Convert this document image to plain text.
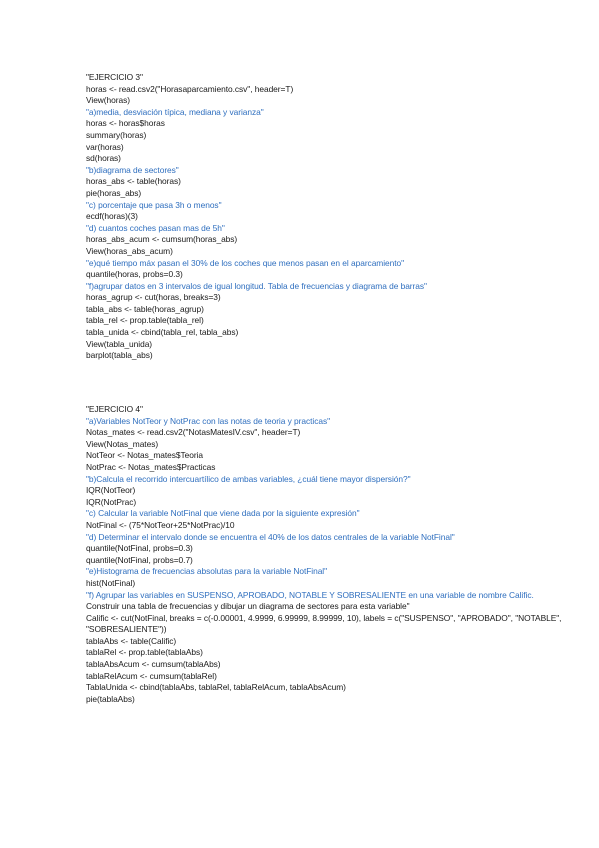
"EJERCICIO 3"
horas <- read.csv2("Horasaparcamiento.csv", header=T)
View(horas)
"a)media, desviación típica, mediana y varianza"
horas <- horas$horas
summary(horas)
var(horas)
sd(horas)
"b)diagrama de sectores"
horas_abs <- table(horas)
pie(horas_abs)
"c) porcentaje que pasa 3h o menos"
ecdf(horas)(3)
"d) cuantos coches pasan mas de 5h"
horas_abs_acum <- cumsum(horas_abs)
View(horas_abs_acum)
"e)qué tiempo máx pasan el 30% de los coches que menos pasan en el aparcamiento"
quantile(horas, probs=0.3)
"f)agrupar datos en 3 intervalos de igual longitud. Tabla de frecuencias y diagrama de barras"
horas_agrup <- cut(horas, breaks=3)
tabla_abs <- table(horas_agrup)
tabla_rel <- prop.table(tabla_rel)
tabla_unida <- cbind(tabla_rel, tabla_abs)
View(tabla_unida)
barplot(tabla_abs)
"EJERCICIO 4"
"a)Variables NotTeor y NotPrac con las notas de teoria y practicas"
Notas_mates <- read.csv2("NotasMatesIV.csv", header=T)
View(Notas_mates)
NotTeor <- Notas_mates$Teoria
NotPrac <- Notas_mates$Practicas
"b)Calcula el recorrido intercuartílico de ambas variables, ¿cuál tiene mayor dispersión?"
IQR(NotTeor)
IQR(NotPrac)
"c) Calcular la variable NotFinal que viene dada por la siguiente expresión"
NotFinal <- (75*NotTeor+25*NotPrac)/10
"d) Determinar el intervalo donde se encuentra el 40% de los datos centrales de la variable NotFinal"
quantile(NotFinal, probs=0.3)
quantile(NotFinal, probs=0.7)
"e)Histograma de frecuencias absolutas para la variable NotFinal"
hist(NotFinal)
"f) Agrupar las variables en SUSPENSO, APROBADO, NOTABLE Y SOBRESALIENTE en una variable de nombre Calific.
Construir una tabla de frecuencias y dibujar un diagrama de sectores para esta variable"
Calific <- cut(NotFinal, breaks = c(-0.00001, 4.9999, 6.99999, 8.99999, 10), labels = c("SUSPENSO", "APROBADO", "NOTABLE", "SOBRESALIENTE"))
tablaAbs <- table(Calific)
tablaRel <- prop.table(tablaAbs)
tablaAbsAcum <- cumsum(tablaAbs)
tablaRelAcum <- cumsum(tablaRel)
TablaUnida <- cbind(tablaAbs, tablaRel, tablaRelAcum, tablaAbsAcum)
pie(tablaAbs)
